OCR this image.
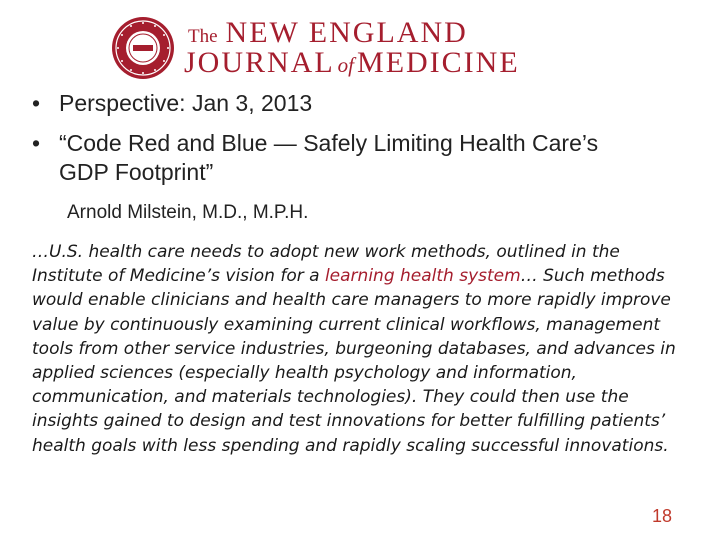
The NEW ENGLAND
JOURNAL of MEDICINE
• Perspective: Jan 3, 2013
• “Code Red and Blue — Safely Limiting Health Care’s GDP Footprint”
Arnold Milstein, M.D., M.P.H.
…U.S. health care needs to adopt new work methods, outlined in the Institute of Medicine’s vision for a learning health system… Such methods would enable clinicians and health care managers to more rapidly improve value by continuously examining current clinical workflows, management tools from other service industries, burgeoning databases, and advances in applied sciences (especially health psychology and information, communication, and materials technologies). They could then use the insights gained to design and test innovations for better fulfilling patients’ health goals with less spending and rapidly scaling successful innovations.
18
